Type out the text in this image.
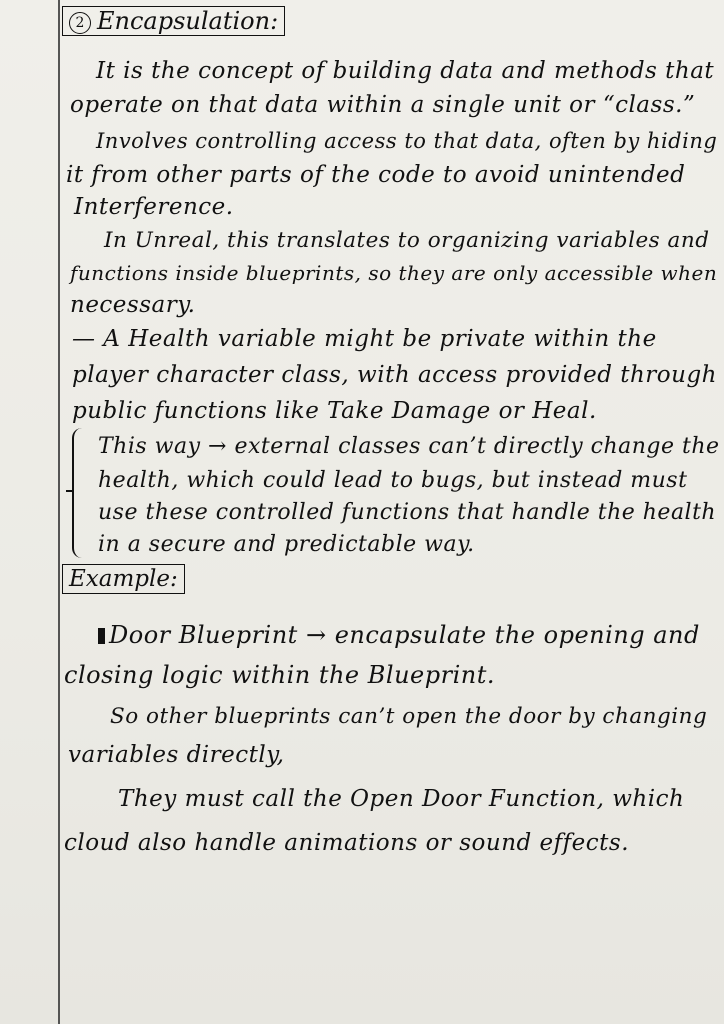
2 Encapsulation:
It is the concept of building data and methods that
operate on that data within a single unit or “class.”
Involves controlling access to that data, often by hiding
it from other parts of the code to avoid unintended
Interference.
In Unreal, this translates to organizing variables and
functions inside blueprints, so they are only accessible when
necessary.
— A Health variable might be private within the
player character class, with access provided through
public functions like Take Damage or Heal.
This way → external classes can’t directly change the
health, which could lead to bugs, but instead must
use these controlled functions that handle the health
in a secure and predictable way.
Example:
Door Blueprint → encapsulate the opening and
closing logic within the Blueprint.
So other blueprints can’t open the door by changing
variables directly,
They must call the Open Door Function, which
cloud also handle animations or sound effects.
